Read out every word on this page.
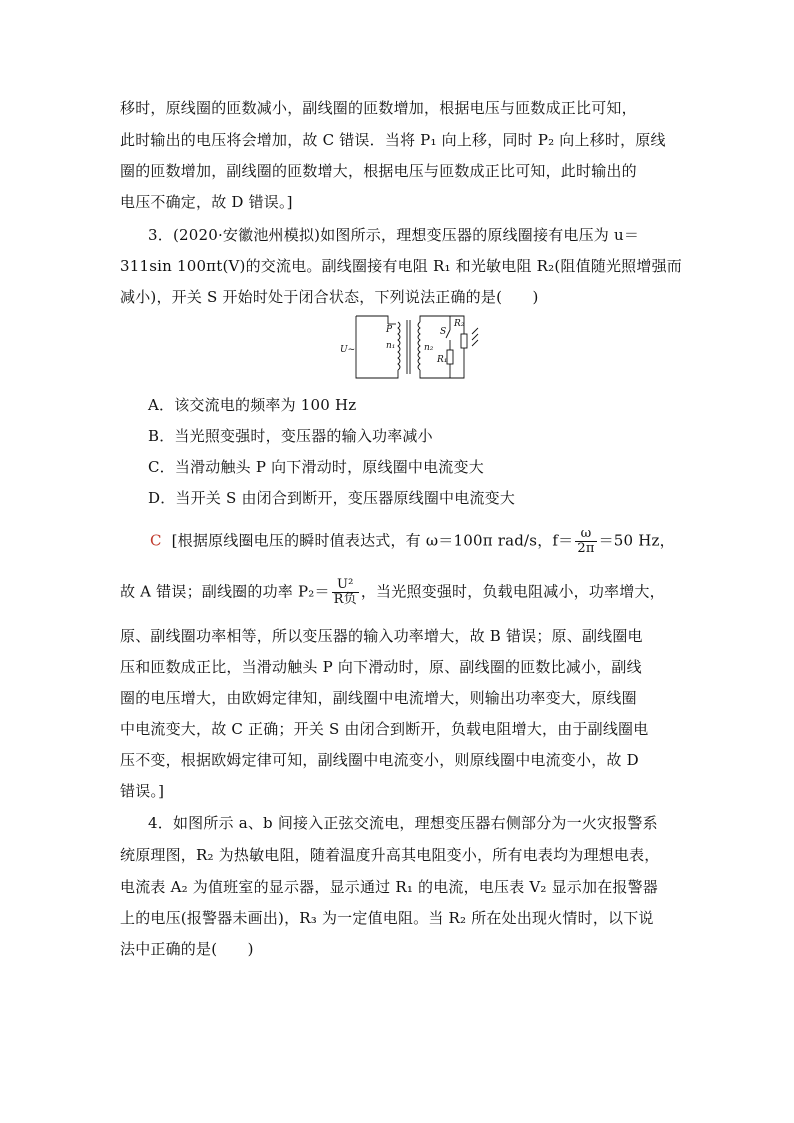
移时，原线圈的匝数减小，副线圈的匝数增加，根据电压与匝数成正比可知，
此时输出的电压将会增加，故 C 错误．当将 P₁ 向上移，同时 P₂ 向上移时，原线
圈的匝数增加，副线圈的匝数增大，根据电压与匝数成正比可知，此时输出的
电压不确定，故 D 错误。]
3．(2020·安徽池州模拟)如图所示，理想变压器的原线圈接有电压为 u＝
311sin 100πt(V)的交流电。副线圈接有电阻 R₁ 和光敏电阻 R₂(阻值随光照增强而
减小)，开关 S 开始时处于闭合状态，下列说法正确的是(　　)
U~
P
n₁	n₂
S
R₁
R₂
A．该交流电的频率为 100 Hz
B．当光照变强时，变压器的输入功率减小
C．当滑动触头 P 向下滑动时，原线圈中电流变大
D．当开关 S 由闭合到断开，变压器原线圈中电流变大
C [根据原线圈电压的瞬时值表达式，有 ω＝100π rad/s，$f= \frac{\omega}{2\pi} =50$ Hz，
故 A 错误；副线圈的功率 $P_2= \frac{\text{U²}}{\text{R负}}$ ，当光照变强时，负载电阻减小，功率增大，
原、副线圈功率相等，所以变压器的输入功率增大，故 B 错误；原、副线圈电
压和匝数成正比，当滑动触头 P 向下滑动时，原、副线圈的匝数比减小，副线
圈的电压增大，由欧姆定律知，副线圈中电流增大，则输出功率变大，原线圈
中电流变大，故 C 正确；开关 S 由闭合到断开，负载电阻增大，由于副线圈电
压不变，根据欧姆定律可知，副线圈中电流变小，则原线圈中电流变小，故 D
错误。]
4．如图所示 a、b 间接入正弦交流电，理想变压器右侧部分为一火灾报警系
统原理图，R₂ 为热敏电阻，随着温度升高其电阻变小，所有电表均为理想电表，
电流表 A₂ 为值班室的显示器，显示通过 R₁ 的电流，电压表 V₂ 显示加在报警器
上的电压(报警器未画出)，R₃ 为一定值电阻。当 R₂ 所在处出现火情时，以下说
法中正确的是(　　)
